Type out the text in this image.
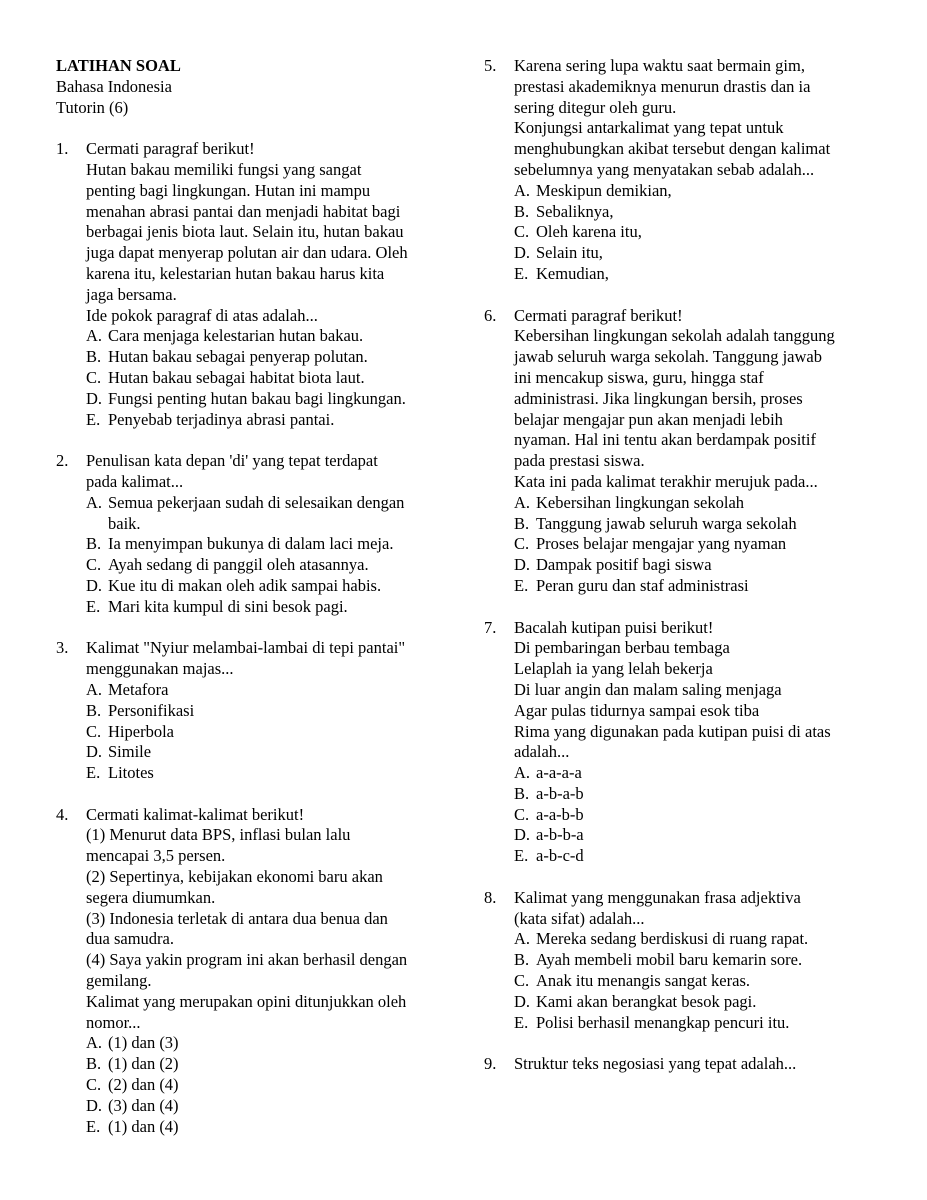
LATIHAN SOAL
Bahasa Indonesia
Tutorin (6)
1. Cermati paragraf berikut!
Hutan bakau memiliki fungsi yang sangat
penting bagi lingkungan. Hutan ini mampu
menahan abrasi pantai dan menjadi habitat bagi
berbagai jenis biota laut. Selain itu, hutan bakau
juga dapat menyerap polutan air dan udara. Oleh
karena itu, kelestarian hutan bakau harus kita
jaga bersama.
Ide pokok paragraf di atas adalah...
A. Cara menjaga kelestarian hutan bakau.
B. Hutan bakau sebagai penyerap polutan.
C. Hutan bakau sebagai habitat biota laut.
D. Fungsi penting hutan bakau bagi lingkungan.
E. Penyebab terjadinya abrasi pantai.
2. Penulisan kata depan 'di' yang tepat terdapat
pada kalimat...
A. Semua pekerjaan sudah di selesaikan dengan
baik.
B. Ia menyimpan bukunya di dalam laci meja.
C. Ayah sedang di panggil oleh atasannya.
D. Kue itu di makan oleh adik sampai habis.
E. Mari kita kumpul di sini besok pagi.
3. Kalimat "Nyiur melambai-lambai di tepi pantai"
menggunakan majas...
A. Metafora
B. Personifikasi
C. Hiperbola
D. Simile
E. Litotes
4. Cermati kalimat-kalimat berikut!
(1) Menurut data BPS, inflasi bulan lalu
mencapai 3,5 persen.
(2) Sepertinya, kebijakan ekonomi baru akan
segera diumumkan.
(3) Indonesia terletak di antara dua benua dan
dua samudra.
(4) Saya yakin program ini akan berhasil dengan
gemilang.
Kalimat yang merupakan opini ditunjukkan oleh
nomor...
A. (1) dan (3)
B. (1) dan (2)
C. (2) dan (4)
D. (3) dan (4)
E. (1) dan (4)
5. Karena sering lupa waktu saat bermain gim,
prestasi akademiknya menurun drastis dan ia
sering ditegur oleh guru.
Konjungsi antarkalimat yang tepat untuk
menghubungkan akibat tersebut dengan kalimat
sebelumnya yang menyatakan sebab adalah...
A. Meskipun demikian,
B. Sebaliknya,
C. Oleh karena itu,
D. Selain itu,
E. Kemudian,
6. Cermati paragraf berikut!
Kebersihan lingkungan sekolah adalah tanggung
jawab seluruh warga sekolah. Tanggung jawab
ini mencakup siswa, guru, hingga staf
administrasi. Jika lingkungan bersih, proses
belajar mengajar pun akan menjadi lebih
nyaman. Hal ini tentu akan berdampak positif
pada prestasi siswa.
Kata ini pada kalimat terakhir merujuk pada...
A. Kebersihan lingkungan sekolah
B. Tanggung jawab seluruh warga sekolah
C. Proses belajar mengajar yang nyaman
D. Dampak positif bagi siswa
E. Peran guru dan staf administrasi
7. Bacalah kutipan puisi berikut!
Di pembaringan berbau tembaga
Lelaplah ia yang lelah bekerja
Di luar angin dan malam saling menjaga
Agar pulas tidurnya sampai esok tiba
Rima yang digunakan pada kutipan puisi di atas
adalah...
A. a-a-a-a
B. a-b-a-b
C. a-a-b-b
D. a-b-b-a
E. a-b-c-d
8. Kalimat yang menggunakan frasa adjektiva
(kata sifat) adalah...
A. Mereka sedang berdiskusi di ruang rapat.
B. Ayah membeli mobil baru kemarin sore.
C. Anak itu menangis sangat keras.
D. Kami akan berangkat besok pagi.
E. Polisi berhasil menangkap pencuri itu.
9. Struktur teks negosiasi yang tepat adalah...
